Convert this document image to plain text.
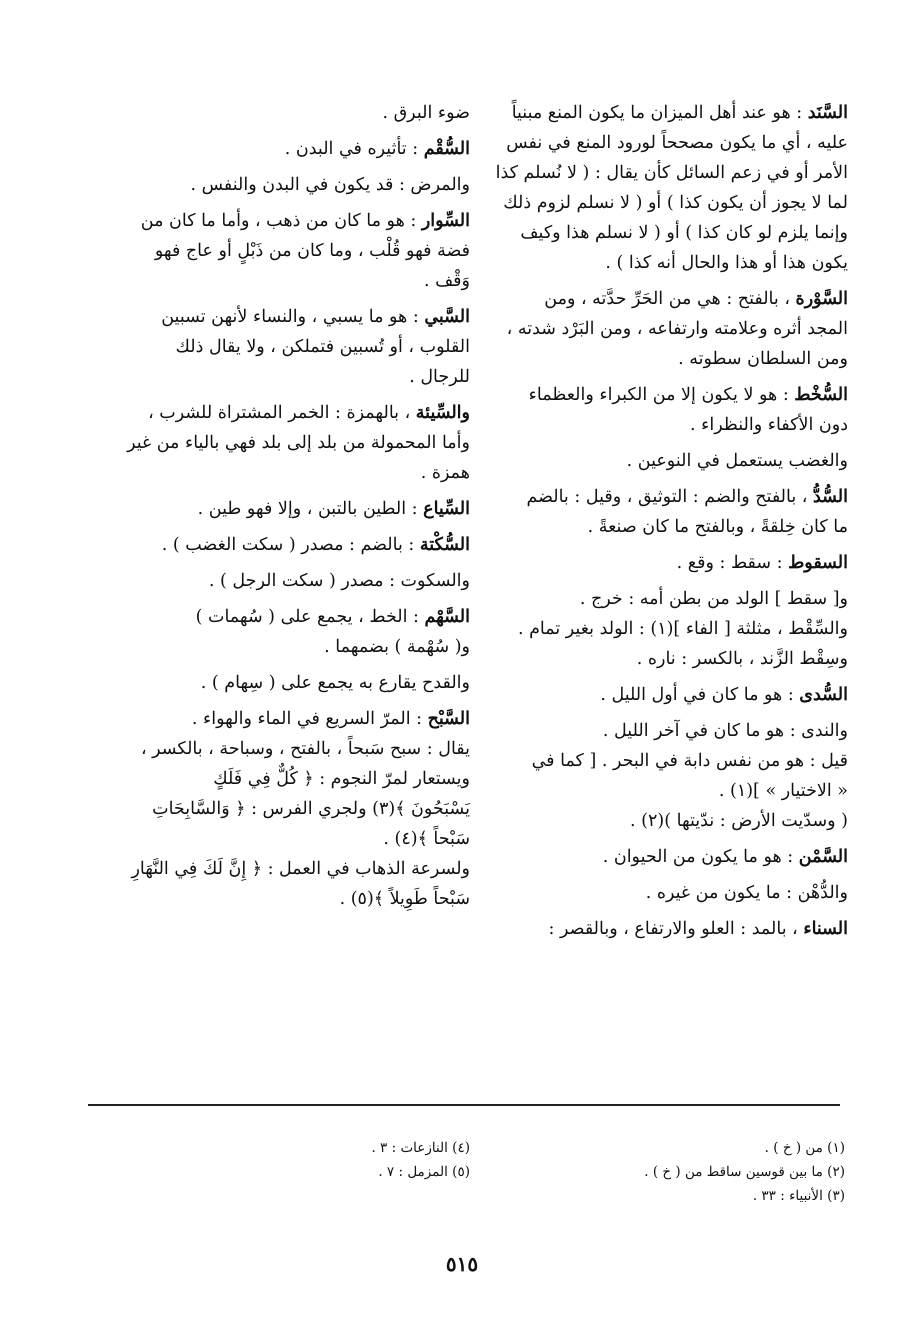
السَّنَد : هو عند أهل الميزان ما يكون المنع مبنياً

عليه ، أي ما يكون مصححاً لورود المنع في نفس

الأمر أو في زعم السائل كأن يقال : ( لا نُسلم كذا

لما لا يجوز أن يكون كذا ) أو ( لا نسلم لزوم ذلك

وإنما يلزم لو كان كذا ) أو ( لا نسلم هذا وكيف

يكون هذا أو هذا والحال أنه كذا ) .

السَّوْرة ، بالفتح : هي من الحَرِّ حدَّته ، ومن

المجد أثره وعلامته وارتفاعه ، ومن البَرْد شدته ،

ومن السلطان سطوته .

السُّخْط : هو لا يكون إلا من الكبراء والعظماء

دون الأكفاء والنظراء .

والغضب يستعمل في النوعين .

السُّدُّ ، بالفتح والضم : التوثيق ، وقيل : بالضم

ما كان خِلقةً ، وبالفتح ما كان صنعةً .

السقوط : سقط : وقع .

و[ سقط ] الولد من بطن أمه : خرج .

والسِّقْط ، مثلثة [ الفاء ](١) : الولد بغير تمام .

وسِقْط الزَّند ، بالكسر : ناره .

السُّدى : هو ما كان في أول الليل .

والندى : هو ما كان في آخر الليل .

قيل : هو من نفس دابة في البحر . [ كما في

« الاختيار » ](١) .

( وسدّيت الأرض : ندّيتها )(٢) .

السَّمْن : هو ما يكون من الحيوان .

والدُّهْن : ما يكون من غيره .

السناء ، بالمد : العلو والارتفاع ، وبالقصر :

ضوء البرق .

السُّقْم : تأثيره في البدن .

والمرض : قد يكون في البدن والنفس .

السِّوار : هو ما كان من ذهب ، وأما ما كان من

فضة فهو قُلْب ، وما كان من ذَبْلٍ أو عاج فهو

وَقْف .

السَّبي : هو ما يسبي ، والنساء لأنهن تسبين

القلوب ، أو تُسبين فتملكن ، ولا يقال ذلك

للرجال .

والسِّيئة ، بالهمزة : الخمر المشتراة للشرب ،

وأما المحمولة من بلد إلى بلد فهي بالياء من غير

همزة .

السِّياع : الطين بالتبن ، وإلا فهو طين .

السُّكْتة : بالضم : مصدر ( سكت الغضب ) .

والسكوت : مصدر ( سكت الرجل ) .

السَّهْم : الخط ، يجمع على ( سُهمات )

و( سُهْمة ) بضمهما .

والقدح يقارع به يجمع على ( سِهام ) .

السَّبْح : المرّ السريع في الماء والهواء .

يقال : سبح سَبحاً ، بالفتح ، وسباحة ، بالكسر ،

ويستعار لمرّ النجوم : ﴿ كُلٌّ فِي فَلَكٍ

يَسْبَحُونَ ﴾(٣) ولجري الفرس : ﴿ وَالسَّابِحَاتِ

سَبْحاً ﴾(٤) .

ولسرعة الذهاب في العمل : ﴿ إِنَّ لَكَ فِي النَّهَارِ

سَبْحاً طَوِيلاً ﴾(٥) .

(١) من ( خ ) .

(٢) ما بين قوسين ساقط من ( خ ) .

(٣) الأنبياء : ٣٣ .

(٤) النازعات : ٣ .

(٥) المزمل : ٧ .

٥١٥
